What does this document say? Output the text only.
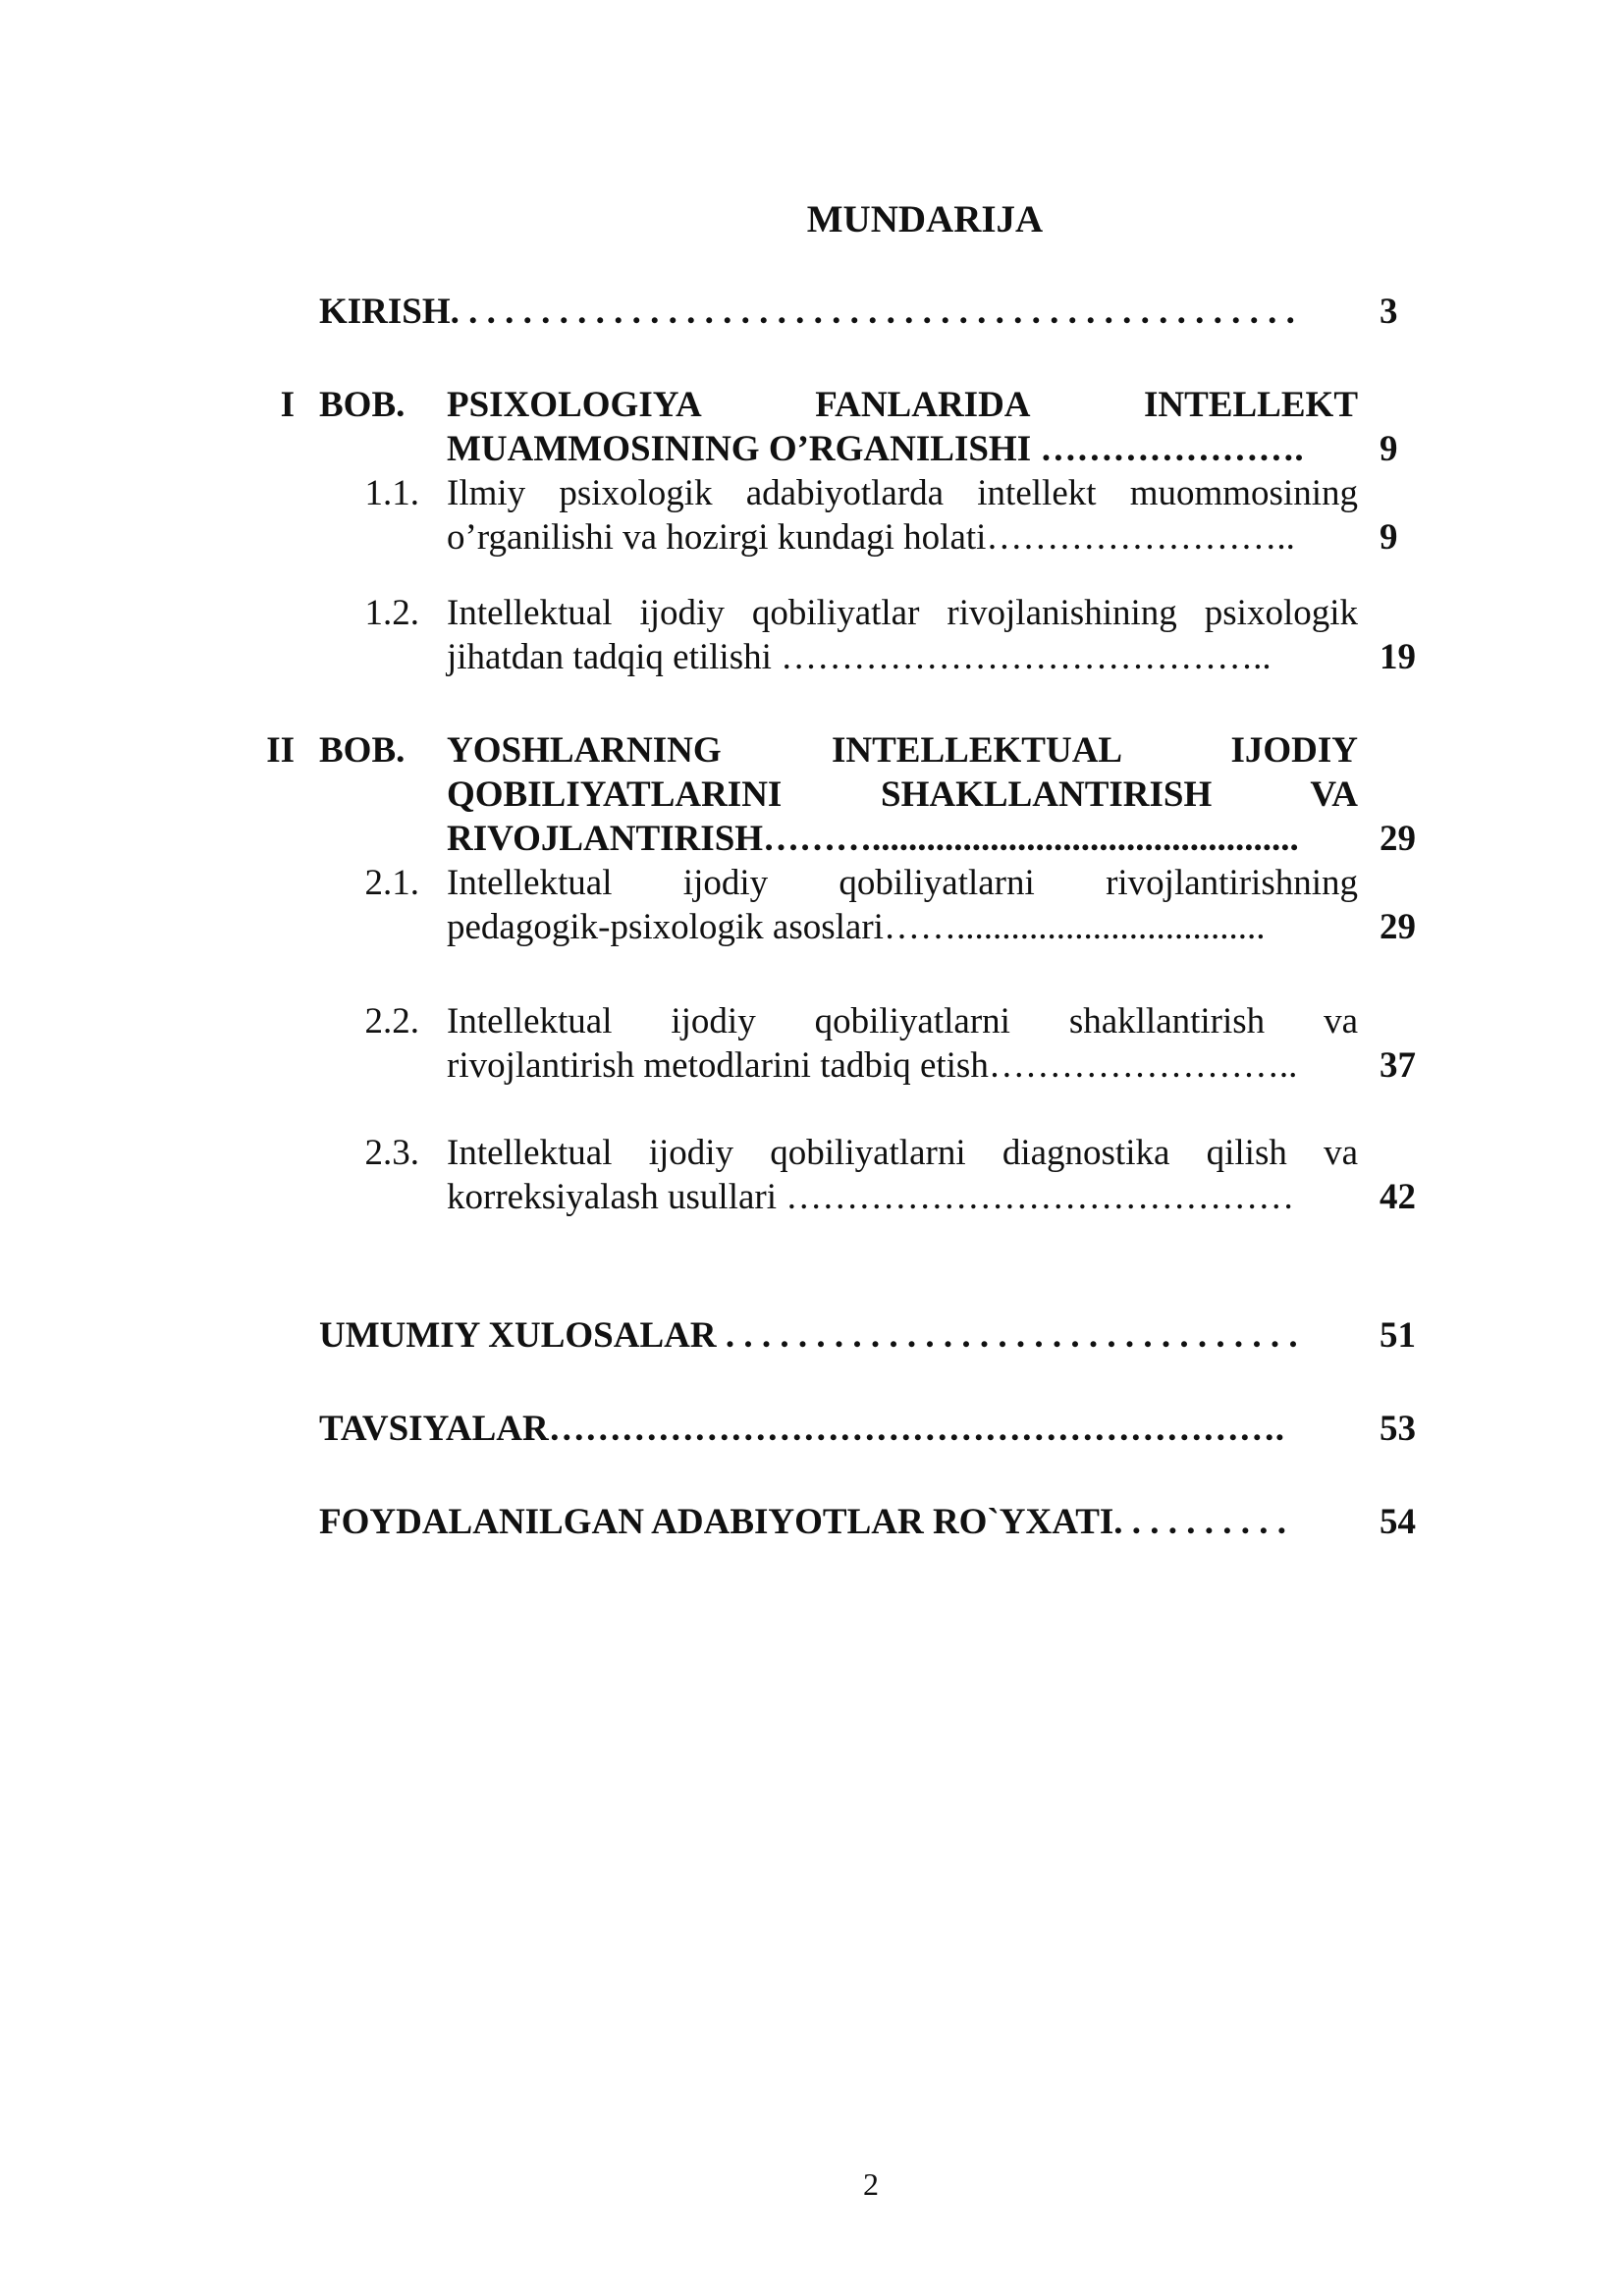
MUNDARIJA
KIRISH. . . . . . . . . . . . . . . . . . . . . . . . . . . . . . . . . . . . . . . . . . . . . . .	3
I BOB.	PSIXOLOGIYA FANLARIDA INTELLEKT
MUAMMOSINING O’RGANILISHI ………………….	9
1.1. Ilmiy psixologik adabiyotlarda intellekt muommosining
o’rganilishi va hozirgi kundagi holati……………………..	9
1.2. Intellektual ijodiy qobiliyatlar rivojlanishining psixologik
jihatdan tadqiq etilishi …………………………………..	19
II BOB.	YOSHLARNING INTELLEKTUAL IJODIY
QOBILIYATLARINI SHAKLLANTIRISH VA
RIVOJLANTIRISH………...............................................	29
2.1. Intellektual ijodiy qobiliyatlarni rivojlantirishning
pedagogik-psixologik asoslari……..................................	29
2.2. Intellektual ijodiy qobiliyatlarni shakllantirish va
rivojlantirish metodlarini tadbiq etish……………………..	37
2.3. Intellektual ijodiy qobiliyatlarni diagnostika qilish va
korreksiyalash usullari ……………………………………	42
UMUMIY XULOSALAR . . . . . . . . . . . . . . . . . . . . . . . . . . . . . . . .	51
TAVSIYALAR…………………………………………………….	53
FOYDALANILGAN ADABIYOTLAR RO`YXATI. . . . . . . . . .	54
2
